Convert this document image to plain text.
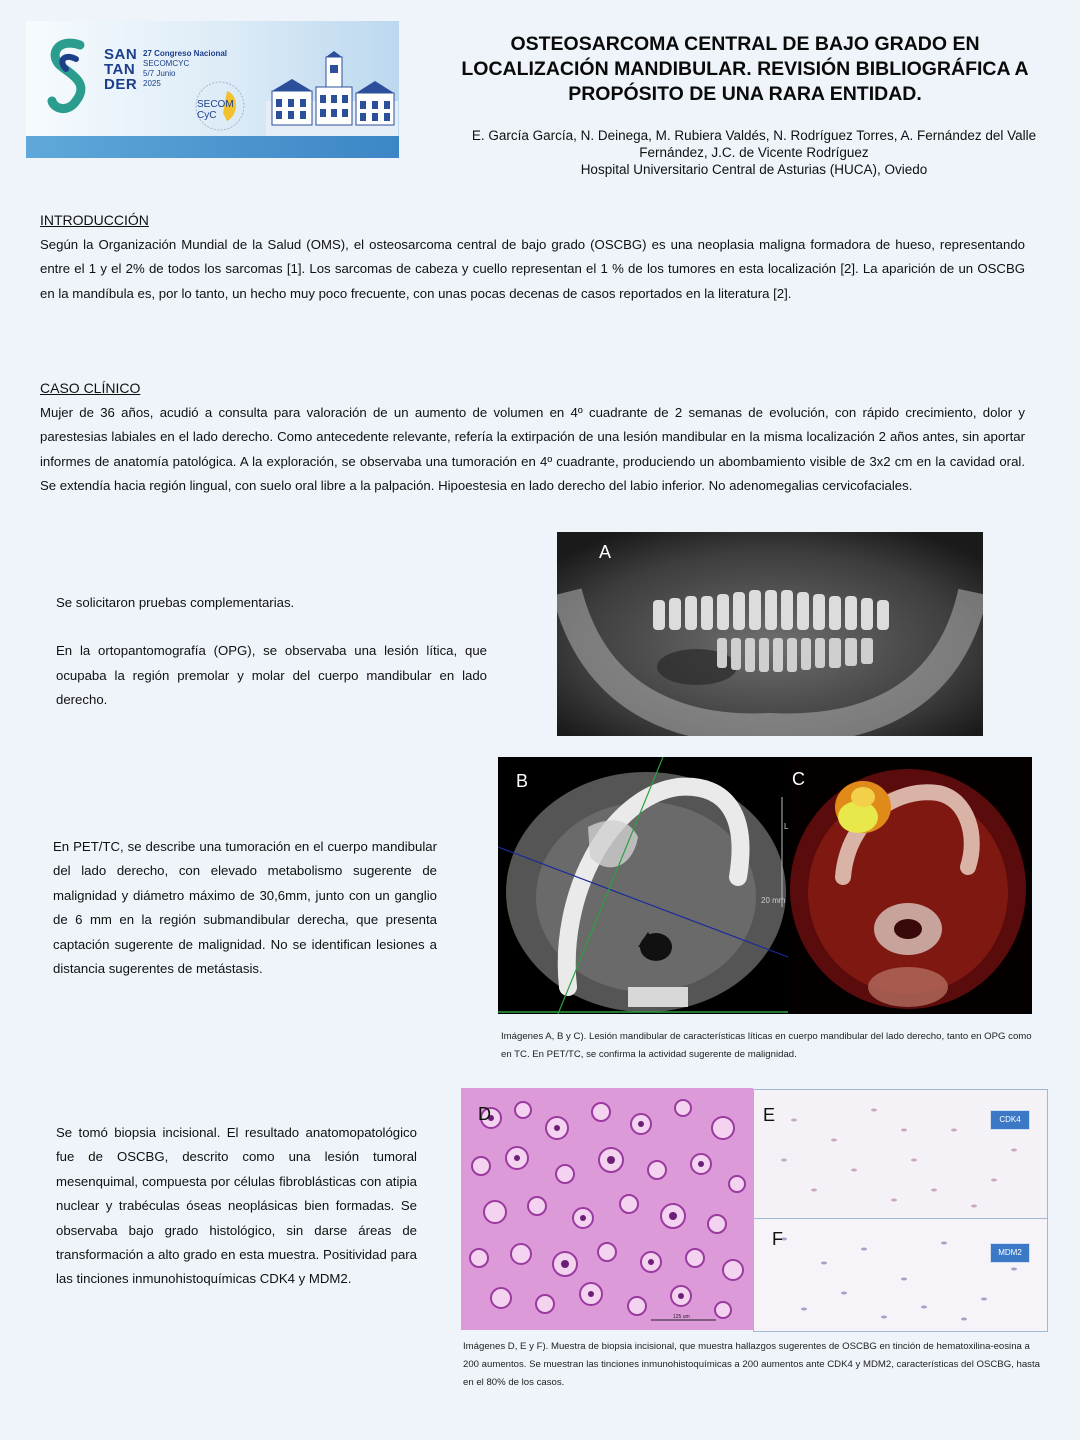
SAN
TAN
DER
27 Congreso Nacional
SECOMCYC
5/7 Junio
2025
SECOM
CyC
OSTEOSARCOMA CENTRAL DE BAJO GRADO EN LOCALIZACIÓN MANDIBULAR. REVISIÓN BIBLIOGRÁFICA A PROPÓSITO DE UNA RARA ENTIDAD.
E. García García, N. Deinega, M. Rubiera Valdés, N. Rodríguez Torres, A. Fernández del Valle Fernández, J.C. de Vicente Rodríguez
Hospital Universitario Central de Asturias (HUCA), Oviedo
INTRODUCCIÓN
Según la Organización Mundial de la Salud (OMS), el osteosarcoma central de bajo grado (OSCBG) es una neoplasia maligna formadora de hueso, representando entre el 1 y el 2% de todos los sarcomas [1]. Los sarcomas de cabeza y cuello representan el 1 % de los tumores en esta localización [2]. La aparición de un OSCBG en la mandíbula es, por lo tanto, un hecho muy poco frecuente, con unas pocas decenas de casos reportados en la literatura [2].
CASO CLÍNICO
Mujer de 36 años, acudió a consulta para valoración de un aumento de volumen en 4º cuadrante de 2 semanas de evolución, con rápido crecimiento, dolor y parestesias labiales en el lado derecho. Como antecedente relevante, refería la extirpación de una lesión mandibular en la misma localización 2 años antes, sin aportar informes de anatomía patológica. A la exploración, se observaba una tumoración en 4º cuadrante, produciendo un abombamiento visible de 3x2 cm en la cavidad oral. Se extendía hacia región lingual, con suelo oral libre a la palpación. Hipoestesia en lado derecho del labio inferior. No adenomegalias cervicofaciales.
Se solicitaron pruebas complementarias.
En la ortopantomografía (OPG), se observaba una lesión lítica, que ocupaba la región premolar y molar del cuerpo mandibular en lado derecho.
A
En PET/TC, se describe una tumoración en el cuerpo mandibular del lado derecho, con elevado metabolismo sugerente de malignidad y diámetro máximo de 30,6mm, junto con un ganglio de 6 mm en la región submandibular derecha, que presenta captación sugerente de malignidad. No se identifican lesiones a distancia sugerentes de metástasis.
20 mm
L
B	C
Imágenes A, B y C). Lesión mandibular de características líticas en cuerpo mandibular del lado derecho, tanto en OPG como en TC. En PET/TC, se confirma la actividad sugerente de malignidad.
Se tomó biopsia incisional. El resultado anatomopatológico fue de OSCBG, descrito como una lesión tumoral mesenquimal, compuesta por células fibroblásticas con atipia nuclear y trabéculas óseas neoplásicas bien formadas. Se observaba bajo grado histológico, sin darse áreas de transformación a alto grado en esta muestra. Positividad para las tinciones inmunohistoquímicas CDK4 y MDM2.
125 um
D	E	CDK4
F
MDM2
Imágenes D, E y F). Muestra de biopsia incisional, que muestra hallazgos sugerentes de OSCBG en tinción de hematoxilina-eosina a 200 aumentos. Se muestran las tinciones inmunohistoquímicas a 200 aumentos ante CDK4 y MDM2, características del OSCBG, hasta en el 80% de los casos.
